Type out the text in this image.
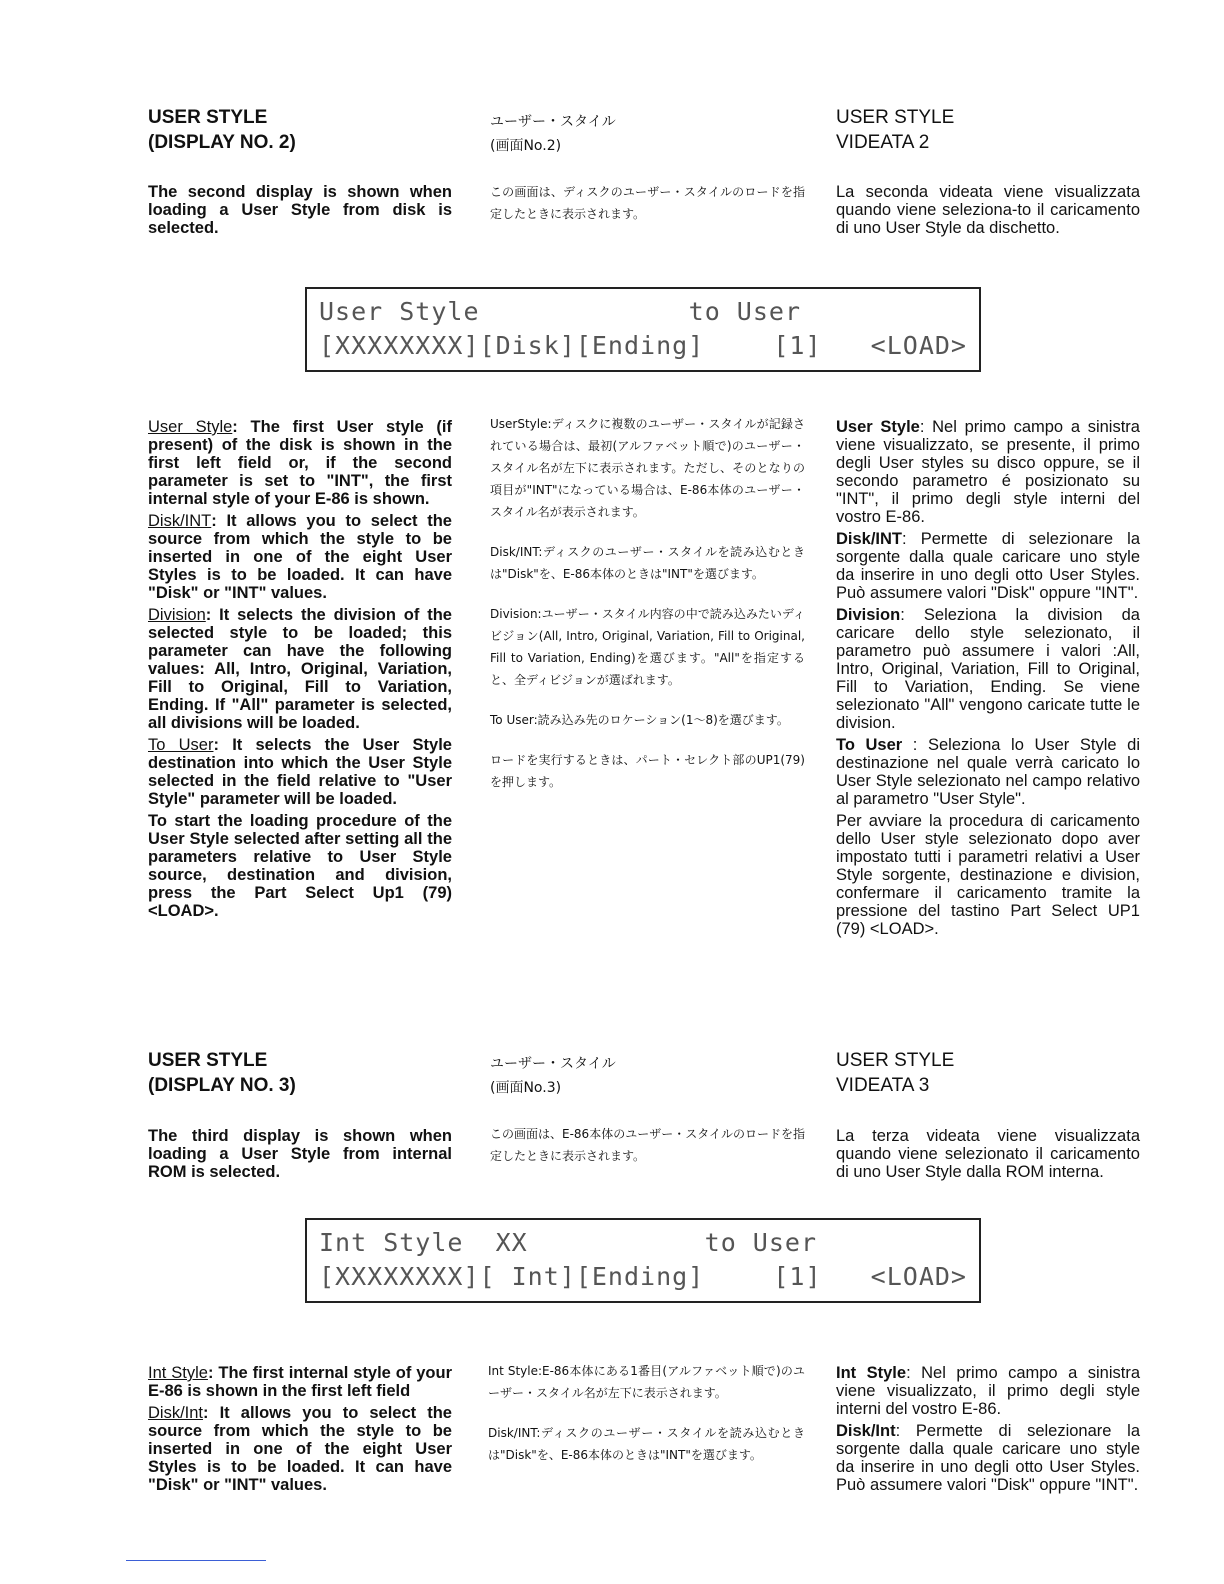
USER STYLE
(DISPLAY NO. 2)
ユーザー・スタイル
(画面No.2)
USER STYLE
VIDEATA 2
The second display is shown when loading a User Style from disk is selected.
この画面は、ディスクのユーザー・スタイルのロードを指定したときに表示されます。
La seconda videata viene visualizzata quando viene seleziona-to il caricamento di uno User Style da dischetto.
User Style	to User
[XXXXXXXX][Disk][Ending]	[1] <LOAD>

User Style: The first User style (if present) of the disk is shown in the first left field or, if the second parameter is set to "INT", the first internal style of your E-86 is shown.

Disk/INT: It allows you to select the source from which the style to be inserted in one of the eight User Styles is to be loaded. It can have "Disk" or "INT" values.

Division: It selects the division of the selected style to be loaded; this parameter can have the following values: All, Intro, Original, Variation, Fill to Original, Fill to Variation, Ending. If "All" parameter is selected, all divisions will be loaded.

To User: It selects the User Style destination into which the User Style selected in the field relative to "User Style" parameter will be loaded.

To start the loading procedure of the User Style selected after setting all the parameters relative to User Style source, destination and division, press the Part Select Up1 (79) <LOAD>.

UserStyle:ディスクに複数のユーザー・スタイルが記録されている場合は、最初(アルファベット順で)のユーザー・スタイル名が左下に表示されます。ただし、そのとなりの項目が"INT"になっている場合は、E-86本体のユーザー・スタイル名が表示されます。

Disk/INT:ディスクのユーザー・スタイルを読み込むときは"Disk"を、E-86本体のときは"INT"を選びます。

Division:ユーザー・スタイル内容の中で読み込みたいディビジョン(All, Intro, Original, Variation, Fill to Original, Fill to Variation, Ending)を選びます。"All"を指定すると、全ディビジョンが選ばれます。

To User:読み込み先のロケーション(1〜8)を選びます。

ロードを実行するときは、パート・セレクト部のUP1(79)を押します。

User Style: Nel primo campo a sinistra viene visualizzato, se presente, il primo degli User styles su disco oppure, se il secondo parametro é posizionato su "INT", il primo degli style interni del vostro E-86.

Disk/INT: Permette di selezionare la sorgente dalla quale caricare uno style da inserire in uno degli otto User Styles. Può assumere valori "Disk" oppure "INT".

Division: Seleziona la division da caricare dello style selezionato, il parametro può assumere i valori :All, Intro, Original, Variation, Fill to Original, Fill to Variation, Ending. Se viene selezionato "All" vengono caricate tutte le division.

To User : Seleziona lo User Style di destinazione nel quale verrà caricato lo User Style selezionato nel campo relativo al parametro "User Style".

Per avviare la procedura di caricamento dello User style selezionato dopo aver impostato tutti i parametri relativi a User Style sorgente, destinazione e division, confermare il caricamento tramite la pressione del tastino Part Select UP1 (79) <LOAD>.

USER STYLE
(DISPLAY NO. 3)
ユーザー・スタイル
(画面No.3)
USER STYLE
VIDEATA 3
The third display is shown when loading a User Style from internal ROM is selected.
この画面は、E-86本体のユーザー・スタイルのロードを指定したときに表示されます。
La terza videata viene visualizzata quando viene selezionato il caricamento di uno User Style dalla ROM interna.
Int Style  XX	to User
[XXXXXXXX][ Int][Ending]	[1] <LOAD>

Int Style: The first internal style of your E-86 is shown in the first left field

Disk/Int: It allows you to select the source from which the style to be inserted in one of the eight User Styles is to be loaded. It can have "Disk" or "INT" values.

Int Style:E-86本体にある1番目(アルファベット順で)のユーザー・スタイル名が左下に表示されます。

Disk/INT:ディスクのユーザー・スタイルを読み込むときは"Disk"を、E-86本体のときは"INT"を選びます。

Int Style: Nel primo campo a sinistra viene visualizzato, il primo degli style interni del vostro E-86.

Disk/Int: Permette di selezionare la sorgente dalla quale caricare uno style da inserire in uno degli otto User Styles. Può assumere valori "Disk" oppure "INT".
